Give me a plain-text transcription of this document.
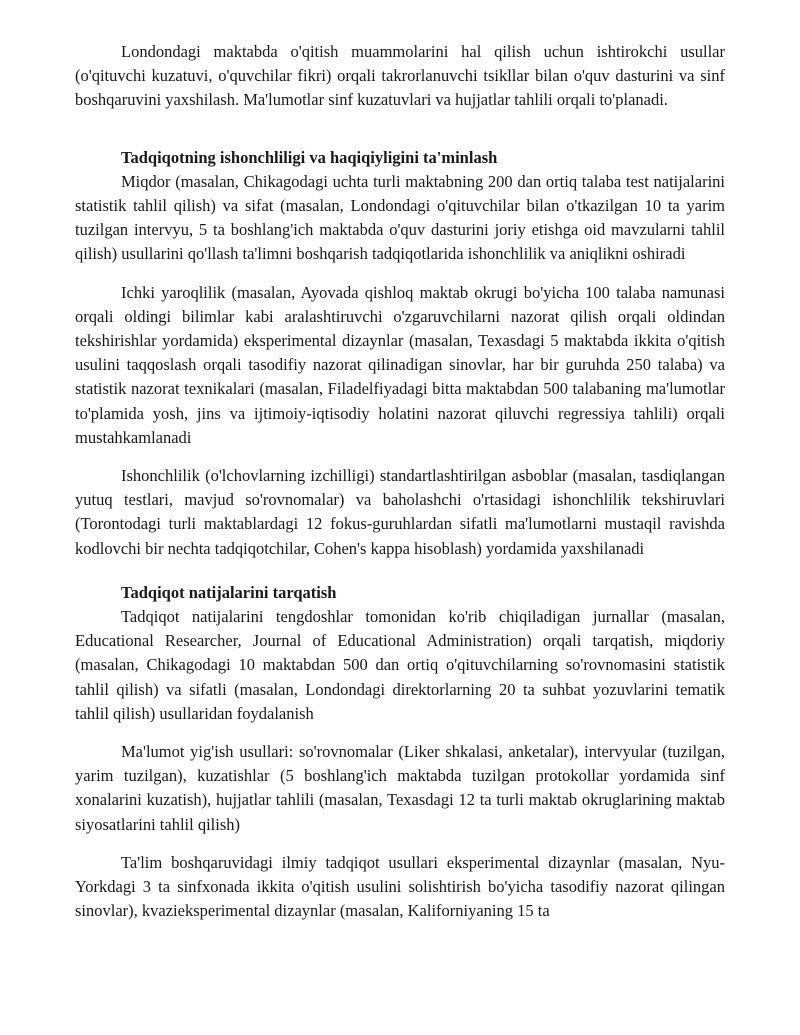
Londondagi maktabda o'qitish muammolarini hal qilish uchun ishtirokchi usullar (o'qituvchi kuzatuvi, o'quvchilar fikri) orqali takrorlanuvchi tsikllar bilan o'quv dasturini va sinf boshqaruvini yaxshilash. Ma'lumotlar sinf kuzatuvlari va hujjatlar tahlili orqali to'planadi.

Tadqiqotning ishonchliligi va haqiqiyligini ta'minlash

Miqdor (masalan, Chikagodagi uchta turli maktabning 200 dan ortiq talaba test natijalarini statistik tahlil qilish) va sifat (masalan, Londondagi o'qituvchilar bilan o'tkazilgan 10 ta yarim tuzilgan intervyu, 5 ta boshlang'ich maktabda o'quv dasturini joriy etishga oid mavzularni tahlil qilish) usullarini qo'llash ta'limni boshqarish tadqiqotlarida ishonchlilik va aniqlikni oshiradi

Ichki yaroqlilik (masalan, Ayovada qishloq maktab okrugi bo'yicha 100 talaba namunasi orqali oldingi bilimlar kabi aralashtiruvchi o'zgaruvchilarni nazorat qilish orqali oldindan tekshirishlar yordamida) eksperimental dizaynlar (masalan, Texasdagi 5 maktabda ikkita o'qitish usulini taqqoslash orqali tasodifiy nazorat qilinadigan sinovlar, har bir guruhda 250 talaba) va statistik nazorat texnikalari (masalan, Filadelfiyadagi bitta maktabdan 500 talabaning ma'lumotlar to'plamida yosh, jins va ijtimoiy-iqtisodiy holatini nazorat qiluvchi regressiya tahlili) orqali mustahkamlanadi

Ishonchlilik (o'lchovlarning izchilligi) standartlashtirilgan asboblar (masalan, tasdiqlangan yutuq testlari, mavjud so'rovnomalar) va baholashchi o'rtasidagi ishonchlilik tekshiruvlari (Torontodagi turli maktablardagi 12 fokus-guruhlardan sifatli ma'lumotlarni mustaqil ravishda kodlovchi bir nechta tadqiqotchilar, Cohen's kappa hisoblash) yordamida yaxshilanadi

Tadqiqot natijalarini tarqatish

Tadqiqot natijalarini tengdoshlar tomonidan ko'rib chiqiladigan jurnallar (masalan, Educational Researcher, Journal of Educational Administration) orqali tarqatish, miqdoriy (masalan, Chikagodagi 10 maktabdan 500 dan ortiq o'qituvchilarning so'rovnomasini statistik tahlil qilish) va sifatli (masalan, Londondagi direktorlarning 20 ta suhbat yozuvlarini tematik tahlil qilish) usullaridan foydalanish

Ma'lumot yig'ish usullari: so'rovnomalar (Liker shkalasi, anketalar), intervyular (tuzilgan, yarim tuzilgan), kuzatishlar (5 boshlang'ich maktabda tuzilgan protokollar yordamida sinf xonalarini kuzatish), hujjatlar tahlili (masalan, Texasdagi 12 ta turli maktab okruglarining maktab siyosatlarini tahlil qilish)

Ta'lim boshqaruvidagi ilmiy tadqiqot usullari eksperimental dizaynlar (masalan, Nyu-Yorkdagi 3 ta sinfxonada ikkita o'qitish usulini solishtirish bo'yicha tasodifiy nazorat qilingan sinovlar), kvazieksperimental dizaynlar (masalan, Kaliforniyaning 15 ta
